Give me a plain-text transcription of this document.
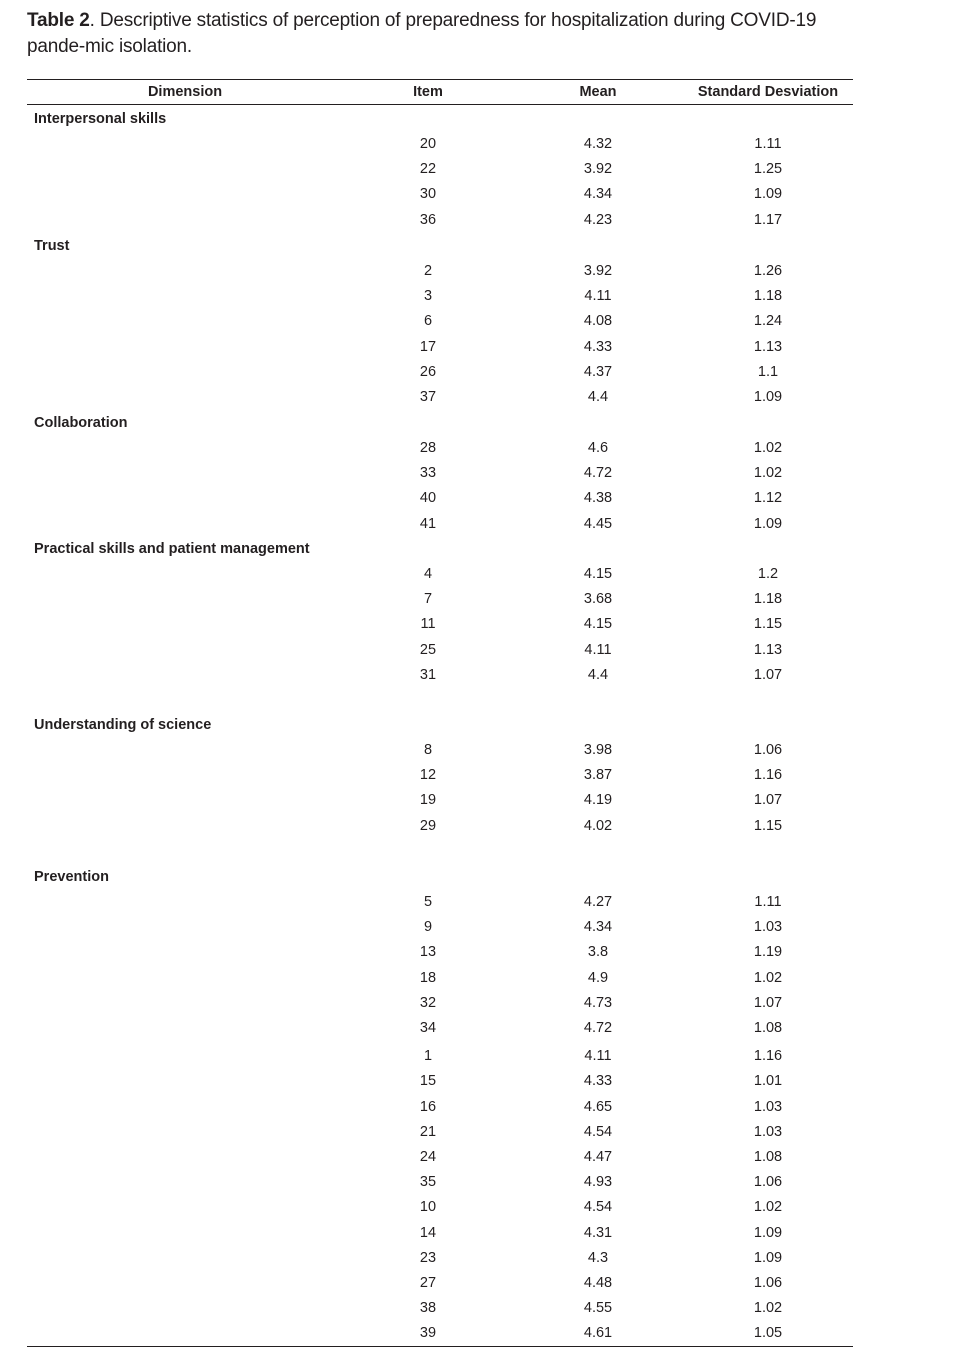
Table 2. Descriptive statistics of perception of preparedness for hospitalization during COVID-19 pande-mic isolation.
Dimension	Item	Mean	Standard Desviation
Interpersonal skills
20	4.32	1.11
22	3.92	1.25
30	4.34	1.09
36	4.23	1.17
Trust
2	3.92	1.26
3	4.11	1.18
6	4.08	1.24
17	4.33	1.13
26	4.37	1.1
37	4.4	1.09
Collaboration
28	4.6	1.02
33	4.72	1.02
40	4.38	1.12
41	4.45	1.09
Practical skills and patient management
4	4.15	1.2
7	3.68	1.18
11	4.15	1.15
25	4.11	1.13
31	4.4	1.07
Understanding of science
8	3.98	1.06
12	3.87	1.16
19	4.19	1.07
29	4.02	1.15
Prevention
5	4.27	1.11
9	4.34	1.03
13	3.8	1.19
18	4.9	1.02
32	4.73	1.07
34	4.72	1.08
1	4.11	1.16
15	4.33	1.01
16	4.65	1.03
21	4.54	1.03
24	4.47	1.08
35	4.93	1.06
10	4.54	1.02
14	4.31	1.09
23	4.3	1.09
27	4.48	1.06
38	4.55	1.02
39	4.61	1.05
